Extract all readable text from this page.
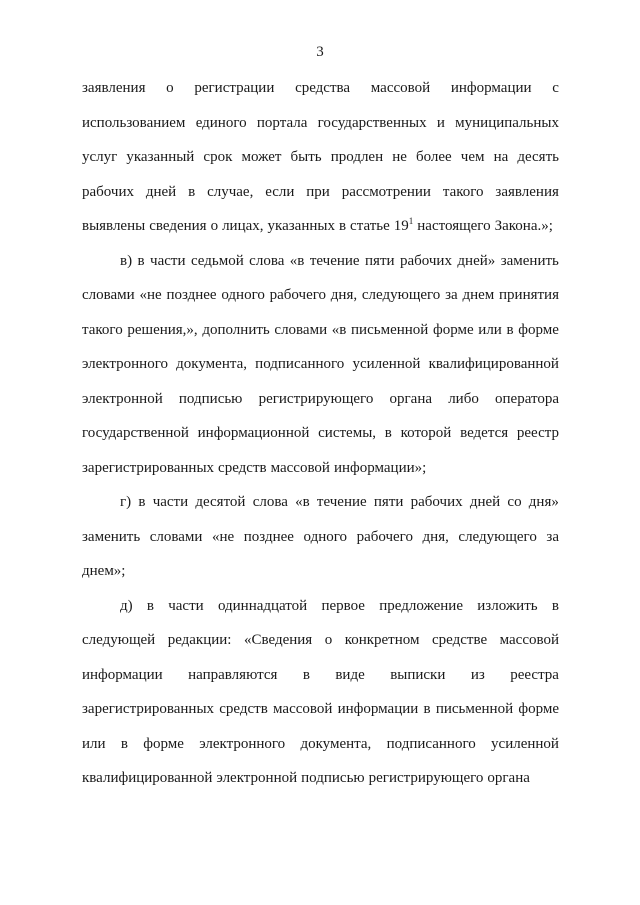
3
заявления о регистрации средства массовой информации с
использованием единого портала государственных и муниципальных
услуг указанный срок может быть продлен не более чем на десять
рабочих дней в случае, если при рассмотрении такого заявления
выявлены сведения о лицах, указанных в статье $19^1$ настоящего Закона.»;
в) в части седьмой слова «в течение пяти рабочих дней» заменить
словами «не позднее одного рабочего дня, следующего за днем принятия
такого решения,», дополнить словами «в письменной форме или в форме
электронного документа, подписанного усиленной квалифицированной
электронной подписью регистрирующего органа либо оператора
государственной информационной системы, в которой ведется реестр
зарегистрированных средств массовой информации»;
г) в части десятой слова «в течение пяти рабочих дней со дня»
заменить словами «не позднее одного рабочего дня, следующего за
днем»;
д) в части одиннадцатой первое предложение изложить в
следующей редакции: «Сведения о конкретном средстве массовой
информации направляются в виде выписки из реестра
зарегистрированных средств массовой информации в письменной форме
или в форме электронного документа, подписанного усиленной
квалифицированной электронной подписью регистрирующего органа
